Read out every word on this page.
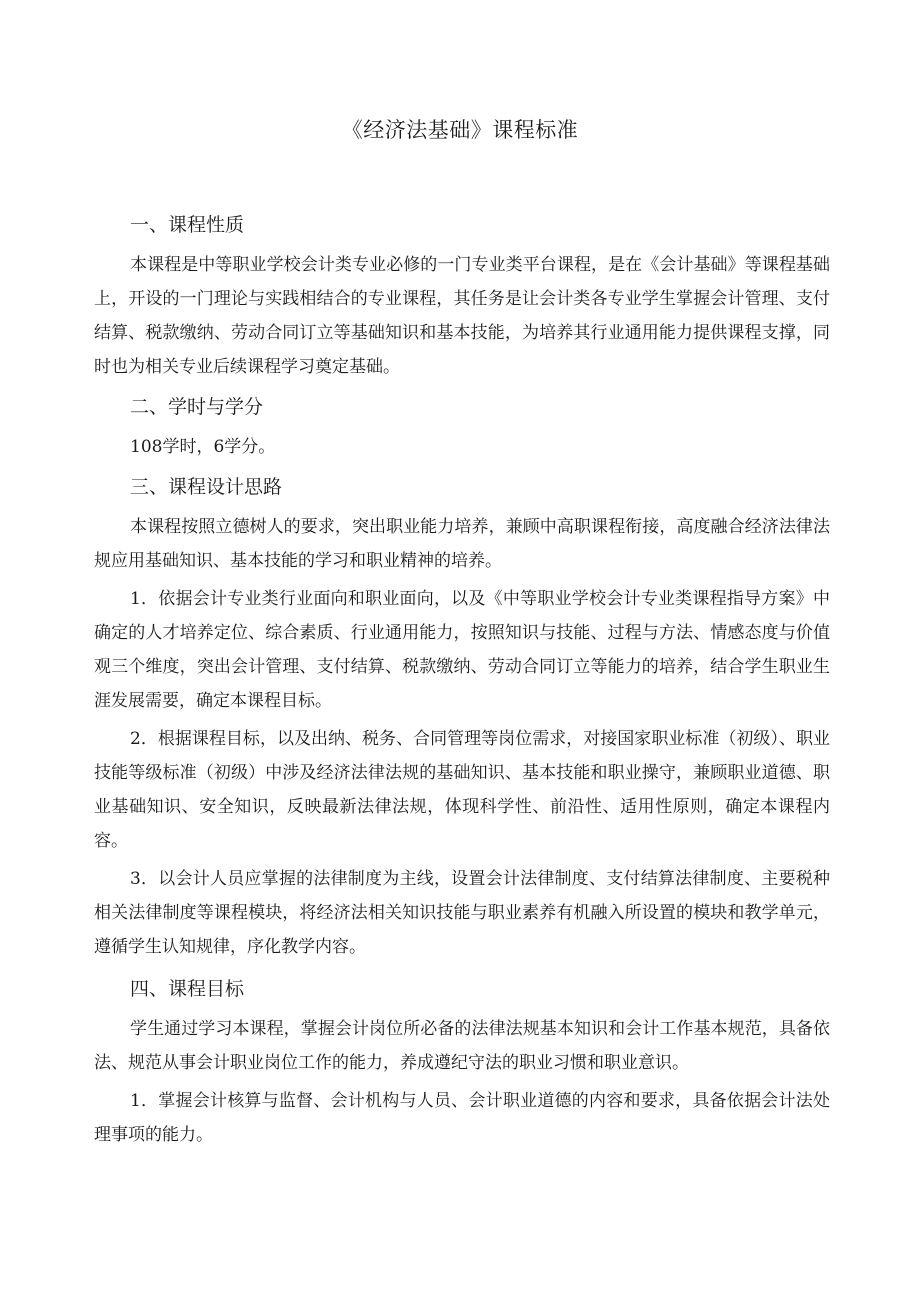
《经济法基础》课程标准
一、课程性质

本课程是中等职业学校会计类专业必修的一门专业类平台课程，是在《会计基础》等课程基础上，开设的一门理论与实践相结合的专业课程，其任务是让会计类各专业学生掌握会计管理、支付结算、税款缴纳、劳动合同订立等基础知识和基本技能，为培养其行业通用能力提供课程支撑，同时也为相关专业后续课程学习奠定基础。

二、学时与学分

108学时，6学分。

三、课程设计思路

本课程按照立德树人的要求，突出职业能力培养，兼顾中高职课程衔接，高度融合经济法律法规应用基础知识、基本技能的学习和职业精神的培养。

1．依据会计专业类行业面向和职业面向，以及《中等职业学校会计专业类课程指导方案》中确定的人才培养定位、综合素质、行业通用能力，按照知识与技能、过程与方法、情感态度与价值观三个维度，突出会计管理、支付结算、税款缴纳、劳动合同订立等能力的培养，结合学生职业生涯发展需要，确定本课程目标。

2．根据课程目标，以及出纳、税务、合同管理等岗位需求，对接国家职业标准（初级）、职业技能等级标准（初级）中涉及经济法律法规的基础知识、基本技能和职业操守，兼顾职业道德、职业基础知识、安全知识，反映最新法律法规，体现科学性、前沿性、适用性原则，确定本课程内容。

3．以会计人员应掌握的法律制度为主线，设置会计法律制度、支付结算法律制度、主要税种相关法律制度等课程模块，将经济法相关知识技能与职业素养有机融入所设置的模块和教学单元，遵循学生认知规律，序化教学内容。

四、课程目标

学生通过学习本课程，掌握会计岗位所必备的法律法规基本知识和会计工作基本规范，具备依法、规范从事会计职业岗位工作的能力，养成遵纪守法的职业习惯和职业意识。

1．掌握会计核算与监督、会计机构与人员、会计职业道德的内容和要求，具备依据会计法处理事项的能力。
